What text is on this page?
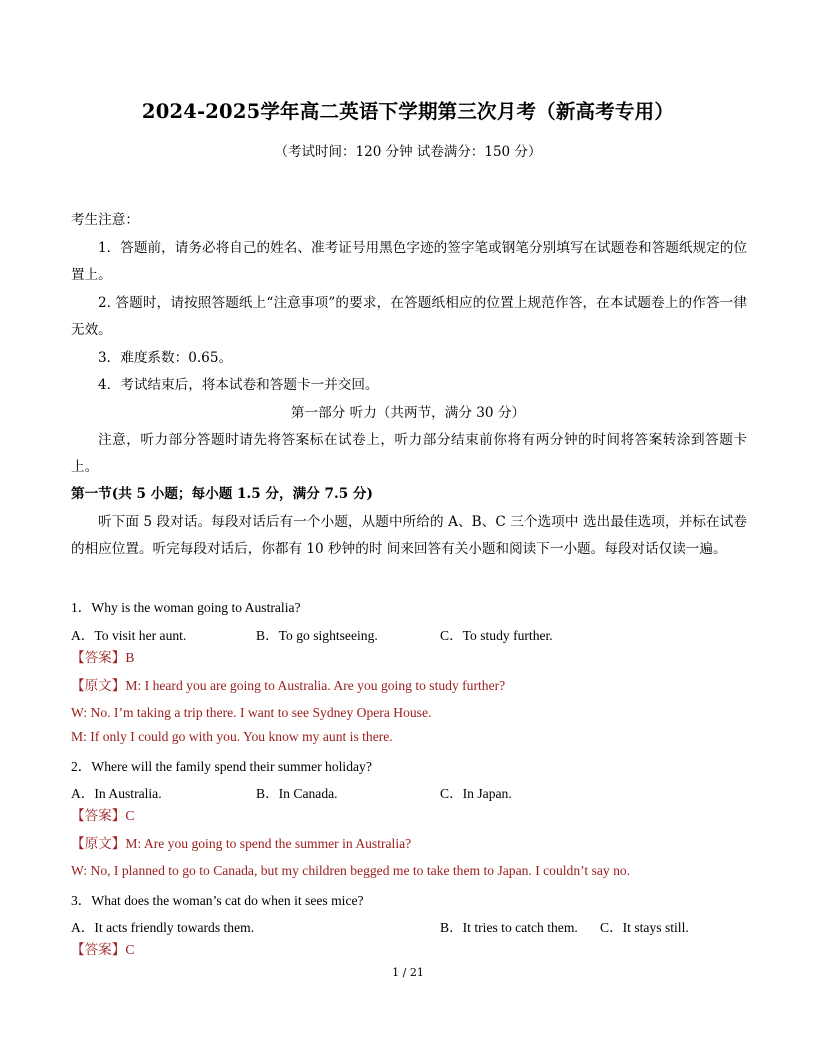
2024-2025学年高二英语下学期第三次月考（新高考专用）
（考试时间：120 分钟 试卷满分：150 分）
考生注意：
1．答题前，请务必将自己的姓名、准考证号用黑色字迹的签字笔或钢笔分别填写在试题卷和答题纸规定的位置上。
2. 答题时，请按照答题纸上“注意事项”的要求，在答题纸相应的位置上规范作答，在本试题卷上的作答一律无效。
3．难度系数：0.65。
4．考试结束后，将本试卷和答题卡一并交回。
第一部分 听力（共两节，满分 30 分）
注意，听力部分答题时请先将答案标在试卷上，听力部分结束前你将有两分钟的时间将答案转涂到答题卡上。
第一节(共 5 小题；每小题 1.5 分，满分 7.5 分)
听下面 5 段对话。每段对话后有一个小题，从题中所给的 A、B、C 三个选项中 选出最佳选项，并标在试卷的相应位置。听完每段对话后，你都有 10 秒钟的时 间来回答有关小题和阅读下一小题。每段对话仅读一遍。
1．Why is the woman going to Australia?
A．To visit her aunt.	B．To go sightseeing.	C．To study further.
【答案】B
【原文】M: I heard you are going to Australia. Are you going to study further?
W: No. I’m taking a trip there. I want to see Sydney Opera House.
M: If only I could go with you. You know my aunt is there.
2．Where will the family spend their summer holiday?
A．In Australia.	B．In Canada.	C．In Japan.
【答案】C
【原文】M: Are you going to spend the summer in Australia?
W: No, I planned to go to Canada, but my children begged me to take them to Japan. I couldn’t say no.
3．What does the woman’s cat do when it sees mice?
A．It acts friendly towards them.	B．It tries to catch them. C．It stays still.
【答案】C
1 / 21
